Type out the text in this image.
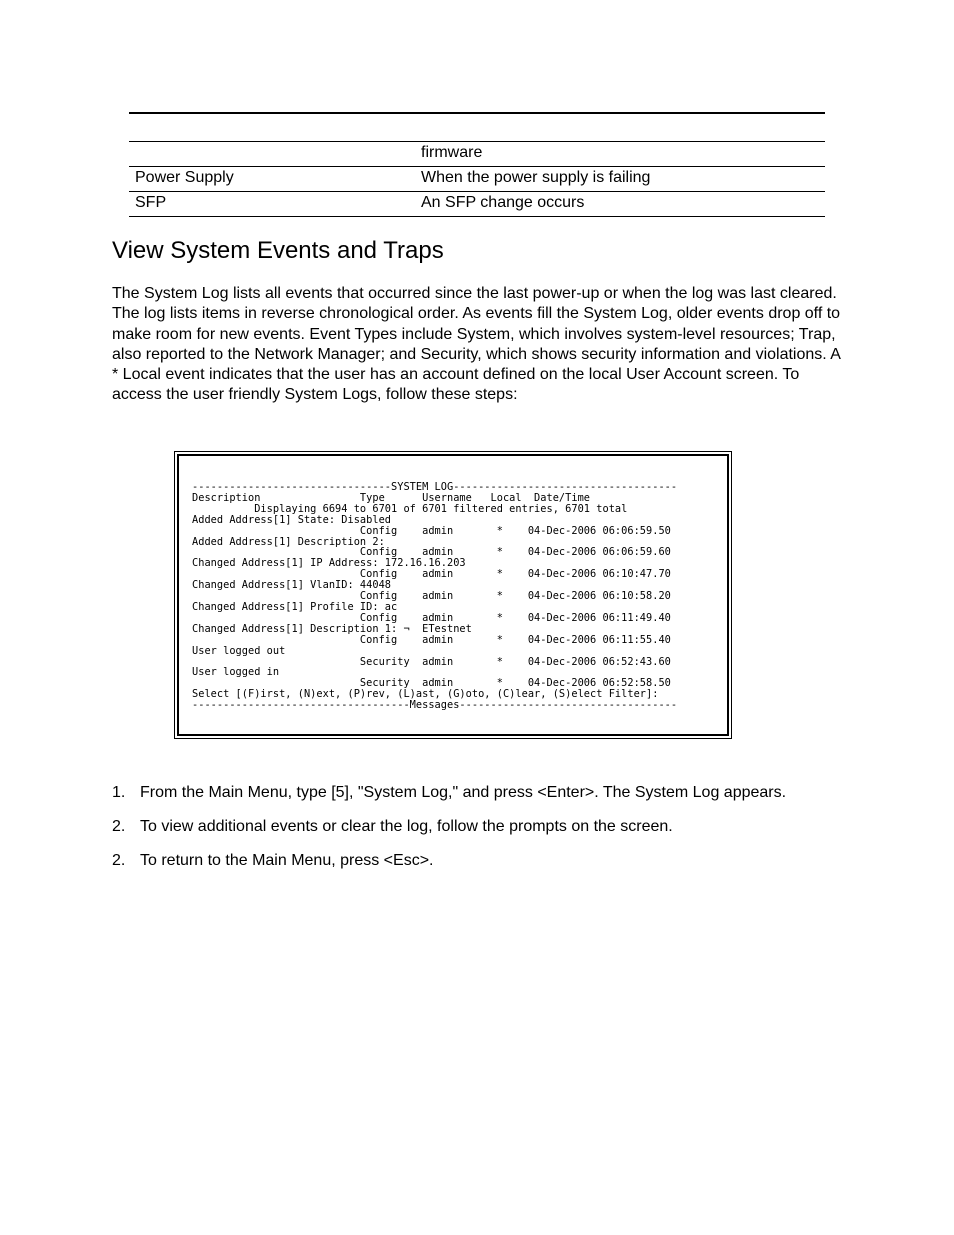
	firmware
Power Supply	When the power supply is failing
SFP	An SFP change occurs
View System Events and Traps

The System Log lists all events that occurred since the last power-up or when the log was last cleared. The log lists items in reverse chronological order. As events fill the System Log, older events drop off to make room for new events. Event Types include System, which involves system-level resources; Trap, also reported to the Network Manager; and Security, which shows security information and violations. A * Local event indicates that the user has an account defined on the local User Account screen. To access the user friendly System Logs, follow these steps:

--------------------------------SYSTEM LOG------------------------------------
Description                Type      Username   Local  Date/Time
Displaying 6694 to 6701 of 6701 filtered entries, 6701 total
Added Address[1] State: Disabled
Config    admin       *    04-Dec-2006 06:06:59.50
Added Address[1] Description 2:
Config    admin       *    04-Dec-2006 06:06:59.60
Changed Address[1] IP Address: 172.16.16.203
Config    admin       *    04-Dec-2006 06:10:47.70
Changed Address[1] VlanID: 44048
Config    admin       *    04-Dec-2006 06:10:58.20
Changed Address[1] Profile ID: ac
Config    admin       *    04-Dec-2006 06:11:49.40
Changed Address[1] Description 1: ¬  ETestnet
Config    admin       *    04-Dec-2006 06:11:55.40
User logged out
Security  admin       *    04-Dec-2006 06:52:43.60
User logged in
Security  admin       *    04-Dec-2006 06:52:58.50
Select [(F)irst, (N)ext, (P)rev, (L)ast, (G)oto, (C)lear, (S)elect Filter]:
-----------------------------------Messages-----------------------------------
1. From the Main Menu, type [5], "System Log," and press <Enter>. The System Log appears.
2. To view additional events or clear the log, follow the prompts on the screen.
2. To return to the Main Menu, press <Esc>.
